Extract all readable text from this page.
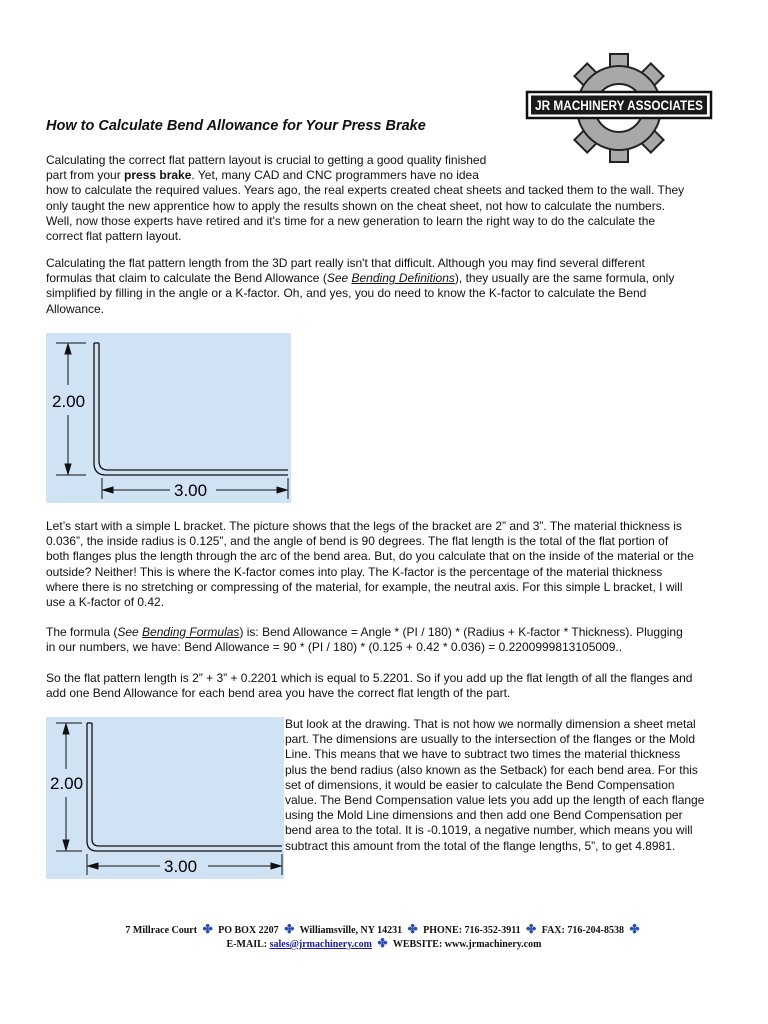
JR MACHINERY ASSOCIATES
How to Calculate Bend Allowance for Your Press Brake
Calculating the correct flat pattern layout is crucial to getting a good quality finished
part from your press brake. Yet, many CAD and CNC programmers have no idea
how to calculate the required values. Years ago, the real experts created cheat sheets and tacked them to the wall. They
only taught the new apprentice how to apply the results shown on the cheat sheet, not how to calculate the numbers.
Well, now those experts have retired and it's time for a new generation to learn the right way to do the calculate the
correct flat pattern layout.
Calculating the flat pattern length from the 3D part really isn't that difficult. Although you may find several different
formulas that claim to calculate the Bend Allowance (See Bending Definitions), they usually are the same formula, only
simplified by filling in the angle or a K-factor. Oh, and yes, you do need to know the K-factor to calculate the Bend
Allowance.
2.00
3.00
Let’s start with a simple L bracket. The picture shows that the legs of the bracket are 2” and 3”. The material thickness is
0.036”, the inside radius is 0.125”, and the angle of bend is 90 degrees. The flat length is the total of the flat portion of
both flanges plus the length through the arc of the bend area. But, do you calculate that on the inside of the material or the
outside? Neither! This is where the K-factor comes into play. The K-factor is the percentage of the material thickness
where there is no stretching or compressing of the material, for example, the neutral axis. For this simple L bracket, I will
use a K-factor of 0.42.
The formula (See Bending Formulas) is: Bend Allowance = Angle * (PI / 180) * (Radius + K-factor * Thickness). Plugging
in our numbers, we have: Bend Allowance = 90 * (PI / 180) * (0.125 + 0.42 * 0.036) = 0.2200999813105009..
So the flat pattern length is 2” + 3” + 0.2201 which is equal to 5.2201. So if you add up the flat length of all the flanges and
add one Bend Allowance for each bend area you have the correct flat length of the part.
2.00
3.00
But look at the drawing. That is not how we normally dimension a sheet metal
part. The dimensions are usually to the intersection of the flanges or the Mold
Line. This means that we have to subtract two times the material thickness
plus the bend radius (also known as the Setback) for each bend area. For this
set of dimensions, it would be easier to calculate the Bend Compensation
value. The Bend Compensation value lets you add up the length of each flange
using the Mold Line dimensions and then add one Bend Compensation per
bend area to the total. It is -0.1019, a negative number, which means you will
subtract this amount from the total of the flange lengths, 5”, to get 4.8981.
7 Millrace Court ✤ PO BOX 2207 ✤ Williamsville, NY 14231 ✤ PHONE: 716-352-3911 ✤ FAX: 716-204-8538 ✤
E-MAIL: sales@jrmachinery.com ✤ WEBSITE: www.jrmachinery.com
